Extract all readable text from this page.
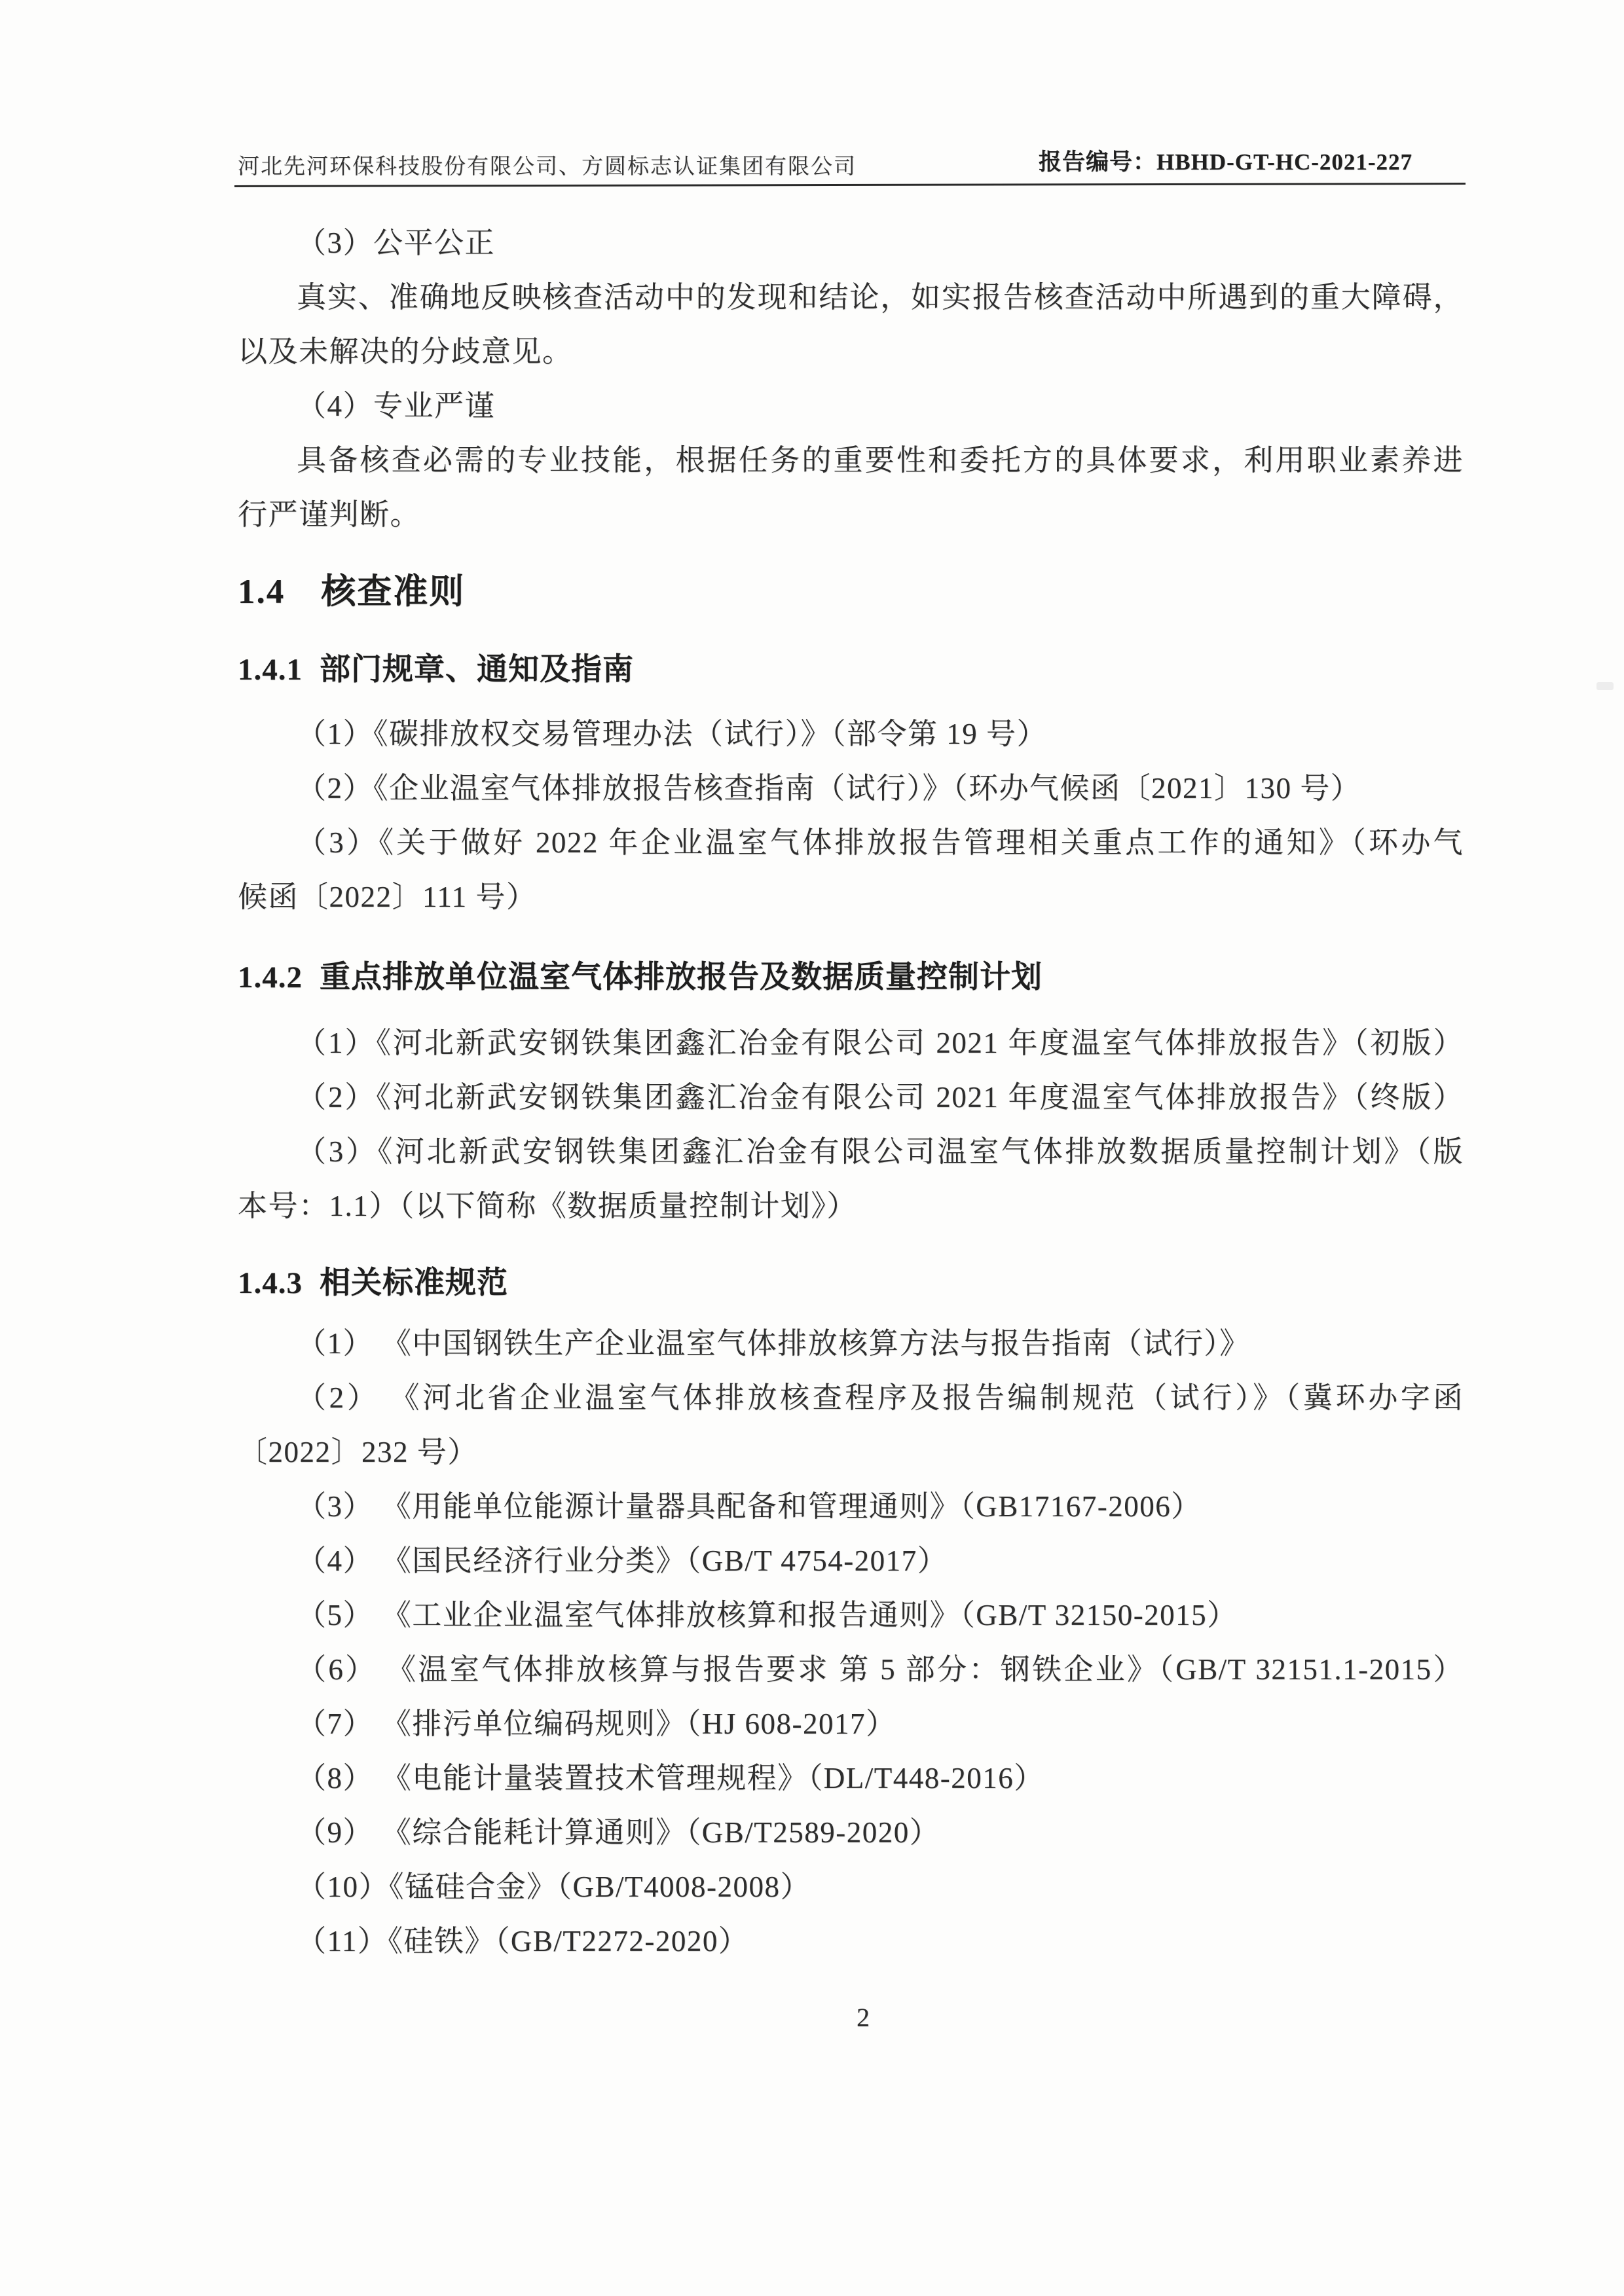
河北先河环保科技股份有限公司、方圆标志认证集团有限公司	报告编号：HBHD-GT-HC-2021-227
（3）公平公正
真实、准确地反映核查活动中的发现和结论，如实报告核查活动中所遇到的重大障碍，
以及未解决的分歧意见。
（4）专业严谨
具备核查必需的专业技能，根据任务的重要性和委托方的具体要求，利用职业素养进
行严谨判断。
1.4 核查准则
1.4.1 部门规章、通知及指南
（1）《碳排放权交易管理办法（试行）》（部令第 19 号）
（2）《企业温室气体排放报告核查指南（试行）》（环办气候函〔2021〕130 号）
（3）《关于做好 2022 年企业温室气体排放报告管理相关重点工作的通知》（环办气
候函〔2022〕111 号）
1.4.2 重点排放单位温室气体排放报告及数据质量控制计划
（1）《河北新武安钢铁集团鑫汇冶金有限公司 2021 年度温室气体排放报告》（初版）
（2）《河北新武安钢铁集团鑫汇冶金有限公司 2021 年度温室气体排放报告》（终版）
（3）《河北新武安钢铁集团鑫汇冶金有限公司温室气体排放数据质量控制计划》（版
本号：1.1）（以下简称《数据质量控制计划》）
1.4.3 相关标准规范
（1） 《中国钢铁生产企业温室气体排放核算方法与报告指南（试行）》
（2） 《河北省企业温室气体排放核查程序及报告编制规范（试行）》（冀环办字函
〔2022〕232 号）
（3） 《用能单位能源计量器具配备和管理通则》（GB17167-2006）
（4） 《国民经济行业分类》（GB/T 4754-2017）
（5） 《工业企业温室气体排放核算和报告通则》（GB/T 32150-2015）
（6） 《温室气体排放核算与报告要求 第 5 部分：钢铁企业》（GB/T 32151.1-2015）
（7） 《排污单位编码规则》（HJ 608-2017）
（8） 《电能计量装置技术管理规程》（DL/T448-2016）
（9） 《综合能耗计算通则》（GB/T2589-2020）
（10）《锰硅合金》（GB/T4008-2008）
（11）《硅铁》（GB/T2272-2020）
2
